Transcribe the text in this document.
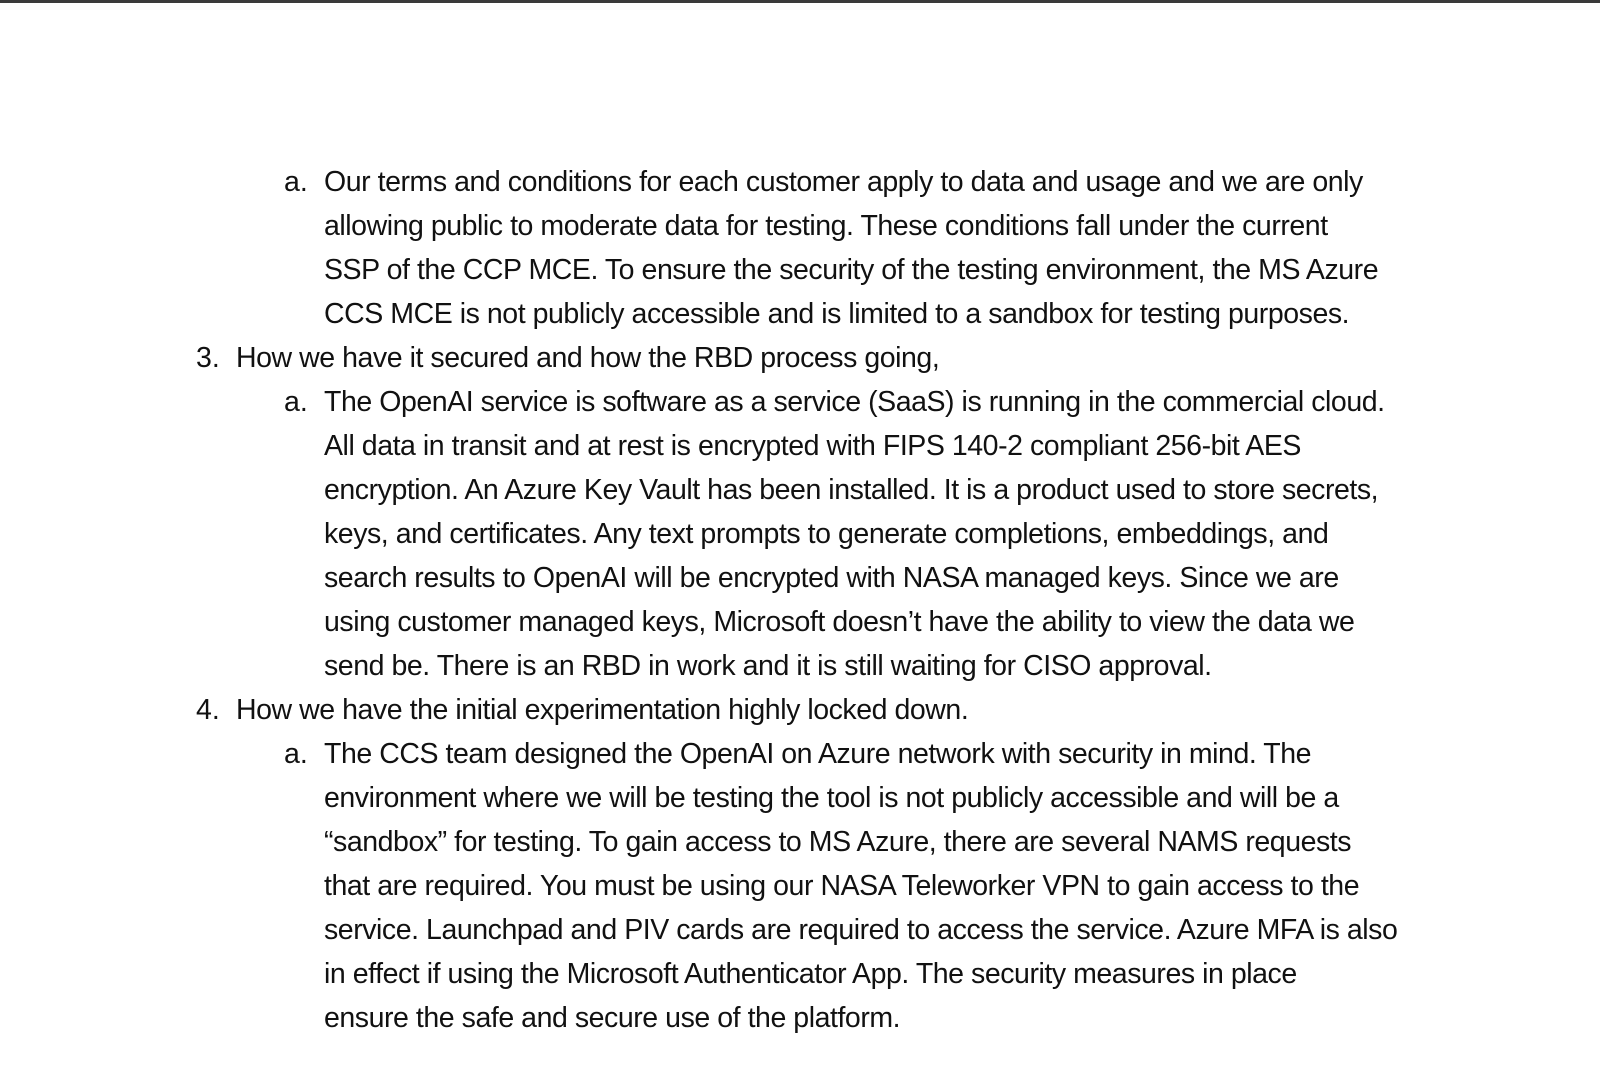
a. Our terms and conditions for each customer apply to data and usage and we are only
allowing public to moderate data for testing. These conditions fall under the current
SSP of the CCP MCE. To ensure the security of the testing environment, the MS Azure
CCS MCE is not publicly accessible and is limited to a sandbox for testing purposes.
3. How we have it secured and how the RBD process going,
a. The OpenAI service is software as a service (SaaS) is running in the commercial cloud.
All data in transit and at rest is encrypted with FIPS 140-2 compliant 256-bit AES
encryption. An Azure Key Vault has been installed. It is a product used to store secrets,
keys, and certificates. Any text prompts to generate completions, embeddings, and
search results to OpenAI will be encrypted with NASA managed keys. Since we are
using customer managed keys, Microsoft doesn’t have the ability to view the data we
send be. There is an RBD in work and it is still waiting for CISO approval.
4. How we have the initial experimentation highly locked down.
a. The CCS team designed the OpenAI on Azure network with security in mind. The
environment where we will be testing the tool is not publicly accessible and will be a
“sandbox” for testing. To gain access to MS Azure, there are several NAMS requests
that are required. You must be using our NASA Teleworker VPN to gain access to the
service. Launchpad and PIV cards are required to access the service. Azure MFA is also
in effect if using the Microsoft Authenticator App. The security measures in place
ensure the safe and secure use of the platform.
